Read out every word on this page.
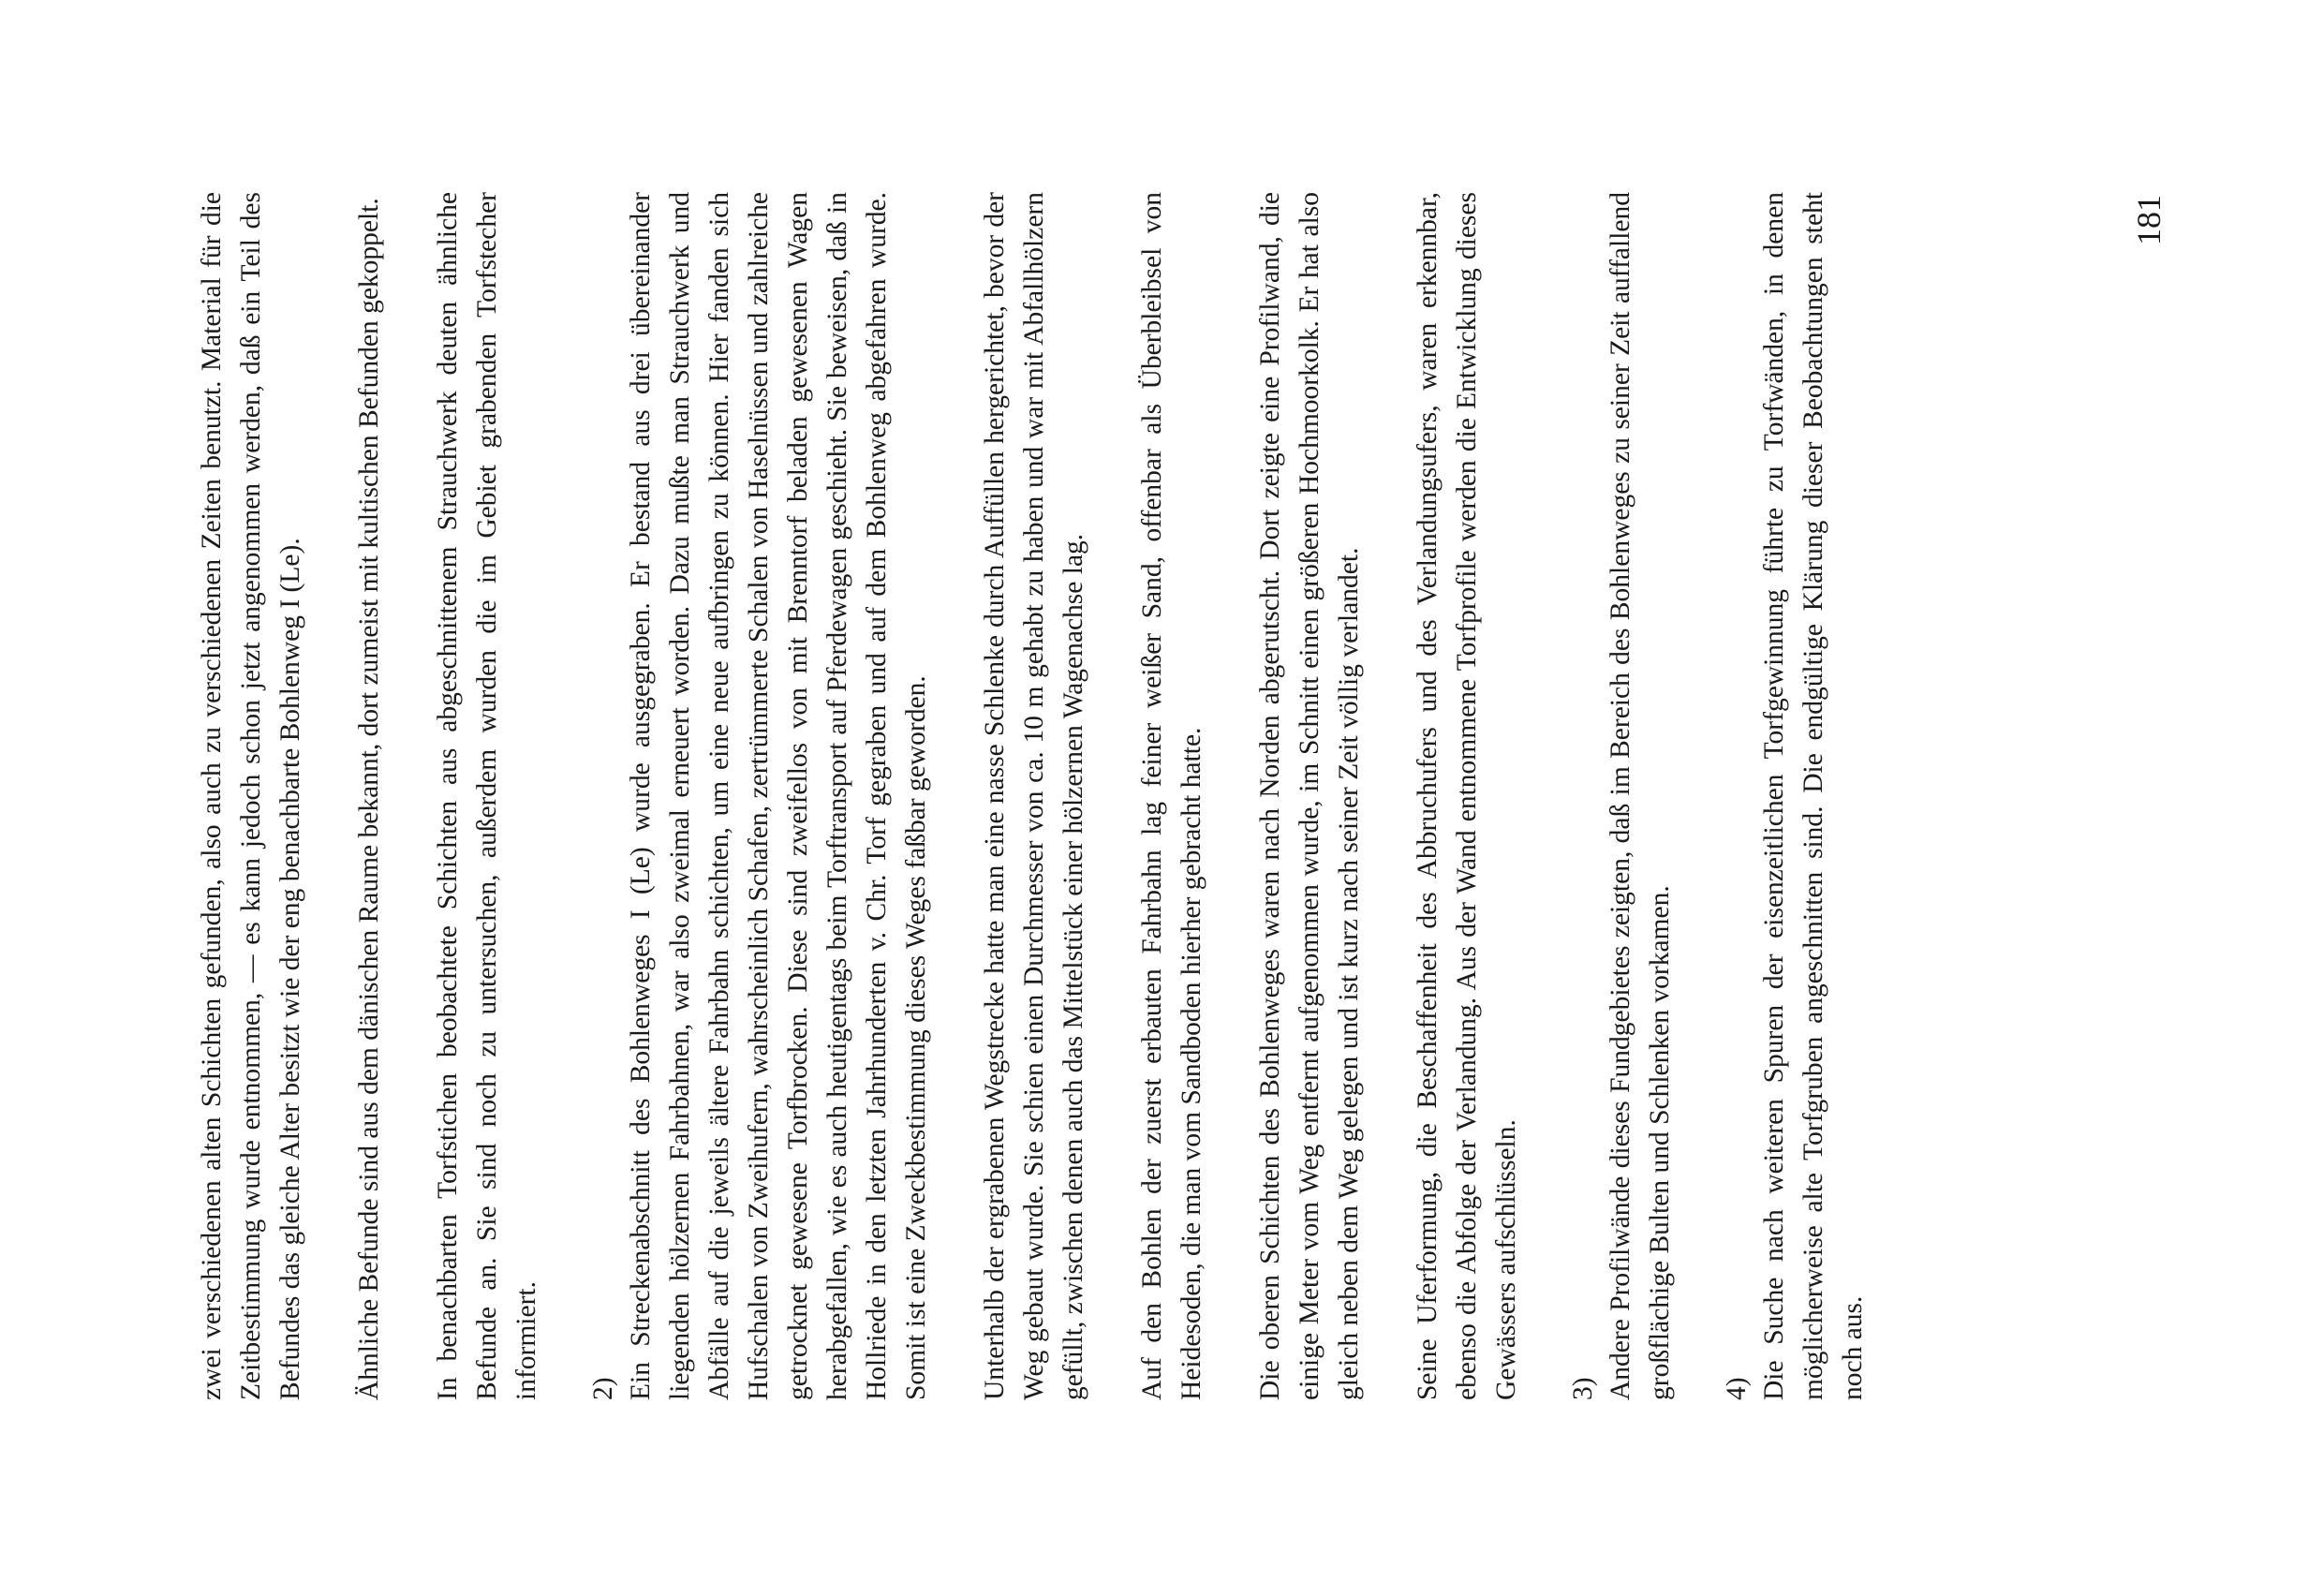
zwei verschiedenen alten Schichten gefunden, also auch zu verschiedenen Zeiten benutzt. Material für die Zeitbestimmung wurde entnommen, — es kann jedoch schon jetzt angenommen werden, daß ein Teil des Befundes das gleiche Alter besitzt wie der eng benachbarte Bohlenweg I (Le). Ähnliche Befunde sind aus dem dänischen Raume bekannt, dort zumeist mit kultischen Befunden gekoppelt. In benachbarten Torfstichen beobachtete Schichten aus abgeschnittenem Strauchwerk deuten ähnliche Befunde an. Sie sind noch zu untersuchen, außerdem wurden die im Gebiet grabenden Torfstecher informiert. 2) Ein Streckenabschnitt des Bohlenweges I (Le) wurde ausgegraben. Er bestand aus drei übereinander liegenden hölzernen Fahrbahnen, war also zweimal erneuert worden. Dazu mußte man Strauchwerk und Abfälle auf die jeweils ältere Fahrbahn schichten, um eine neue aufbringen zu können. Hier fanden sich Hufschalen von Zweihufern, wahrscheinlich Schafen, zertrümmerte Schalen von Haselnüssen und zahlreiche getrocknet gewesene Torfbrocken. Diese sind zweifellos von mit Brenntorf beladen gewesenen Wagen herabgefallen, wie es auch heutigentags beim Torftransport auf Pferdewagen geschieht. Sie beweisen, daß in Hollriede in den letzten Jahrhunderten v. Chr. Torf gegraben und auf dem Bohlenweg abgefahren wurde. Somit ist eine Zweckbestimmung dieses Weges faßbar geworden. Unterhalb der ergrabenen Wegstrecke hatte man eine nasse Schlenke durch Auffüllen hergerichtet, bevor der Weg gebaut wurde. Sie schien einen Durchmesser von ca. 10 m gehabt zu haben und war mit Abfallhölzern gefüllt, zwischen denen auch das Mittelstück einer hölzernen Wagenachse lag. Auf den Bohlen der zuerst erbauten Fahrbahn lag feiner weißer Sand, offenbar als Überbleibsel von Heidesoden, die man vom Sandboden hierher gebracht hatte. Die oberen Schichten des Bohlenweges waren nach Norden abgerutscht. Dort zeigte eine Profilwand, die einige Meter vom Weg entfernt aufgenommen wurde, im Schnitt einen größeren Hochmoorkolk. Er hat also gleich neben dem Weg gelegen und ist kurz nach seiner Zeit völlig verlandet. Seine Uferformung, die Beschaffenheit des Abbruchufers und des Verlandungsufers, waren erkennbar, ebenso die Abfolge der Verlandung. Aus der Wand entnommene Torfprofile werden die Entwicklung dieses Gewässers aufschlüsseln. 3) Andere Profilwände dieses Fundgebietes zeigten, daß im Bereich des Bohlenweges zu seiner Zeit auffallend großflächige Bulten und Schlenken vorkamen. 4) Die Suche nach weiteren Spuren der eisenzeitlichen Torfgewinnung führte zu Torfwänden, in denen möglicherweise alte Torfgruben angeschnitten sind. Die endgültige Klärung dieser Beobachtungen steht noch aus.

181
